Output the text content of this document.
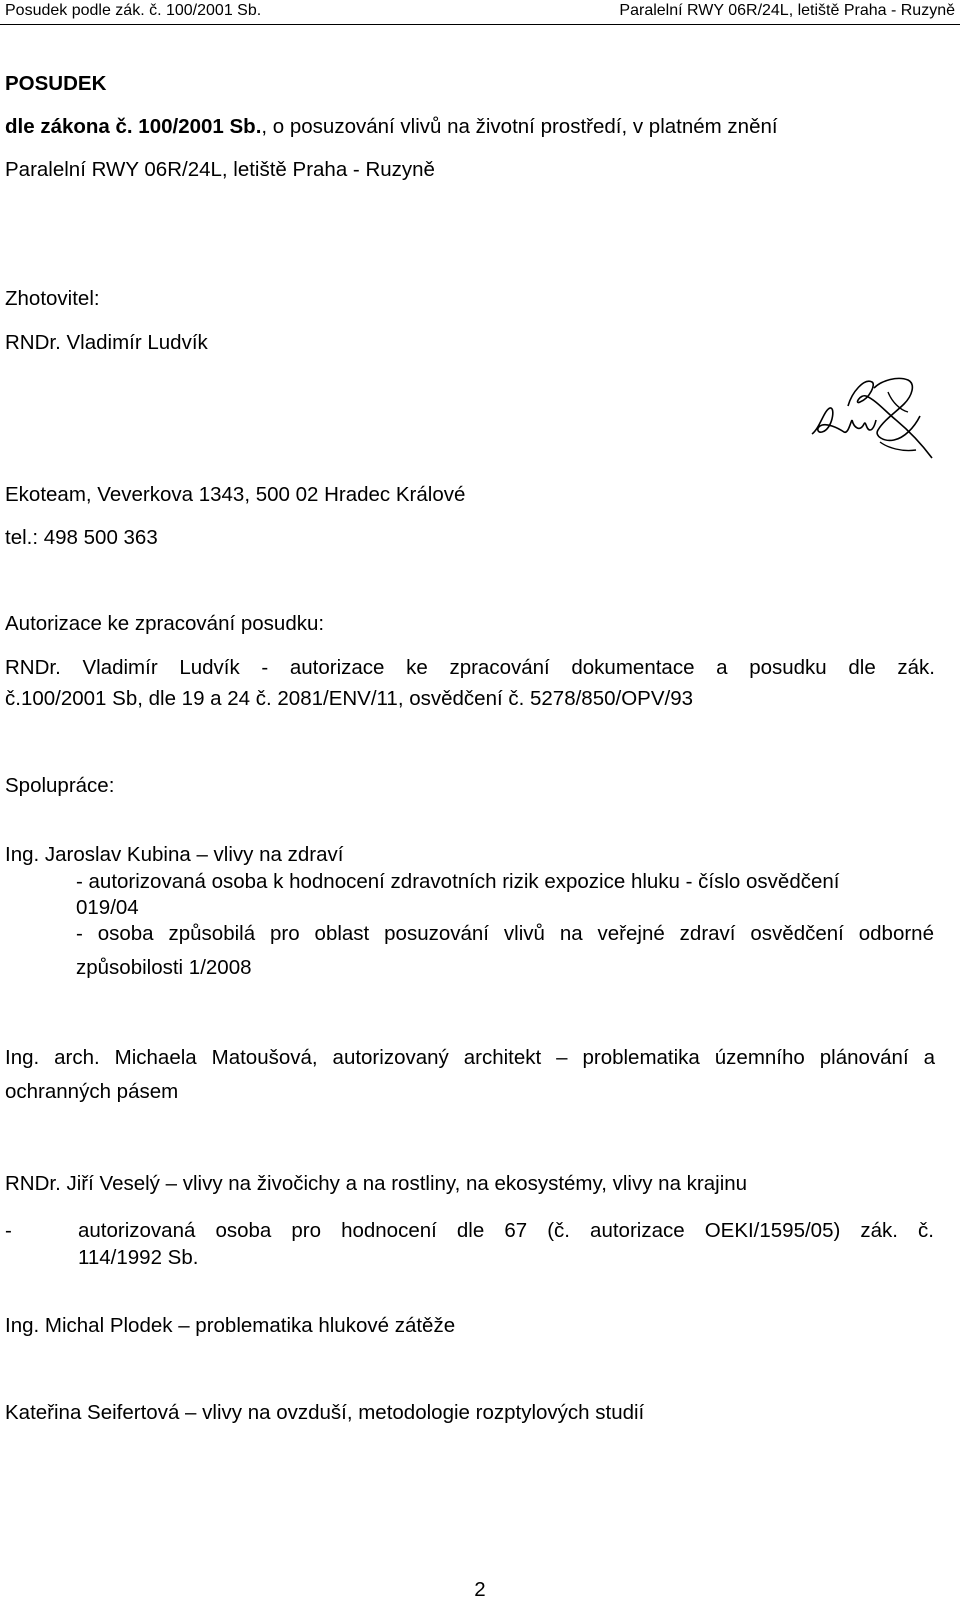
Posudek podle zák. č. 100/2001 Sb.	Paralelní RWY 06R/24L, letiště Praha - Ruzyně
POSUDEK
dle zákona č. 100/2001 Sb., o posuzování vlivů na životní prostředí, v platném znění
Paralelní RWY 06R/24L, letiště Praha - Ruzyně
Zhotovitel:
RNDr. Vladimír Ludvík
Ekoteam, Veverkova 1343, 500 02 Hradec Králové
tel.: 498 500 363
Autorizace ke zpracování posudku:
RNDr. Vladimír Ludvík - autorizace ke zpracování dokumentace a posudku dle zák.
č.100/2001 Sb, dle 19 a 24 č. 2081/ENV/11, osvědčení č. 5278/850/OPV/93
Spolupráce:
Ing. Jaroslav Kubina – vlivy na zdraví
- autorizovaná osoba k hodnocení zdravotních rizik expozice hluku - číslo osvědčení
019/04
- osoba způsobilá pro oblast posuzování vlivů na veřejné zdraví osvědčení odborné
způsobilosti 1/2008
Ing. arch. Michaela Matoušová, autorizovaný architekt – problematika územního plánování a
ochranných pásem
RNDr. Jiří Veselý – vlivy na živočichy a na rostliny, na ekosystémy, vlivy na krajinu
-	autorizovaná osoba pro hodnocení dle 67 (č. autorizace OEKI/1595/05) zák. č.
114/1992 Sb.
Ing. Michal Plodek – problematika hlukové zátěže
Kateřina Seifertová – vlivy na ovzduší, metodologie rozptylových studií
2
